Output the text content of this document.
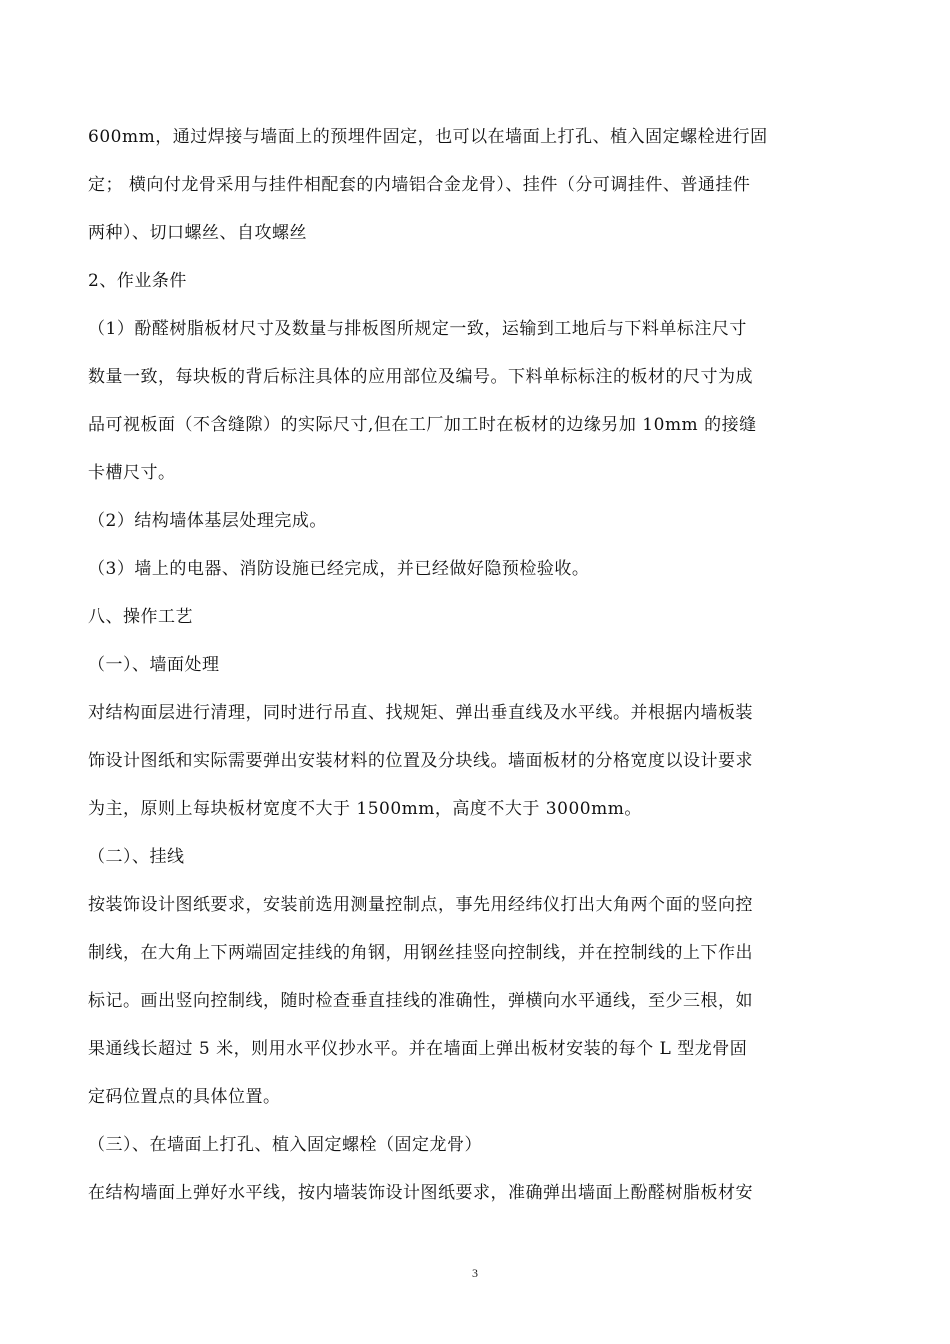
600mm，通过焊接与墙面上的预埋件固定，也可以在墙面上打孔、植入固定螺栓进行固

定； 横向付龙骨采用与挂件相配套的内墙铝合金龙骨）、挂件（分可调挂件、普通挂件

两种）、切口螺丝、自攻螺丝

2、作业条件

（1）酚醛树脂板材尺寸及数量与排板图所规定一致，运输到工地后与下料单标注尺寸

数量一致，每块板的背后标注具体的应用部位及编号。下料单标标注的板材的尺寸为成

品可视板面（不含缝隙）的实际尺寸,但在工厂加工时在板材的边缘另加 10mm 的接缝

卡槽尺寸。

（2）结构墙体基层处理完成。

（3）墙上的电器、消防设施已经完成，并已经做好隐预检验收。

八、操作工艺

（一）、墙面处理

对结构面层进行清理，同时进行吊直、找规矩、弹出垂直线及水平线。并根据内墙板装

饰设计图纸和实际需要弹出安装材料的位置及分块线。墙面板材的分格宽度以设计要求

为主，原则上每块板材宽度不大于 1500mm，高度不大于 3000mm。

（二）、挂线

按装饰设计图纸要求，安装前选用测量控制点，事先用经纬仪打出大角两个面的竖向控

制线，在大角上下两端固定挂线的角钢，用钢丝挂竖向控制线，并在控制线的上下作出

标记。画出竖向控制线，随时检查垂直挂线的准确性，弹横向水平通线，至少三根，如

果通线长超过 5 米，则用水平仪抄水平。并在墙面上弹出板材安装的每个 L 型龙骨固

定码位置点的具体位置。

（三）、在墙面上打孔、植入固定螺栓（固定龙骨）

在结构墙面上弹好水平线，按内墙装饰设计图纸要求，准确弹出墙面上酚醛树脂板材安

3
